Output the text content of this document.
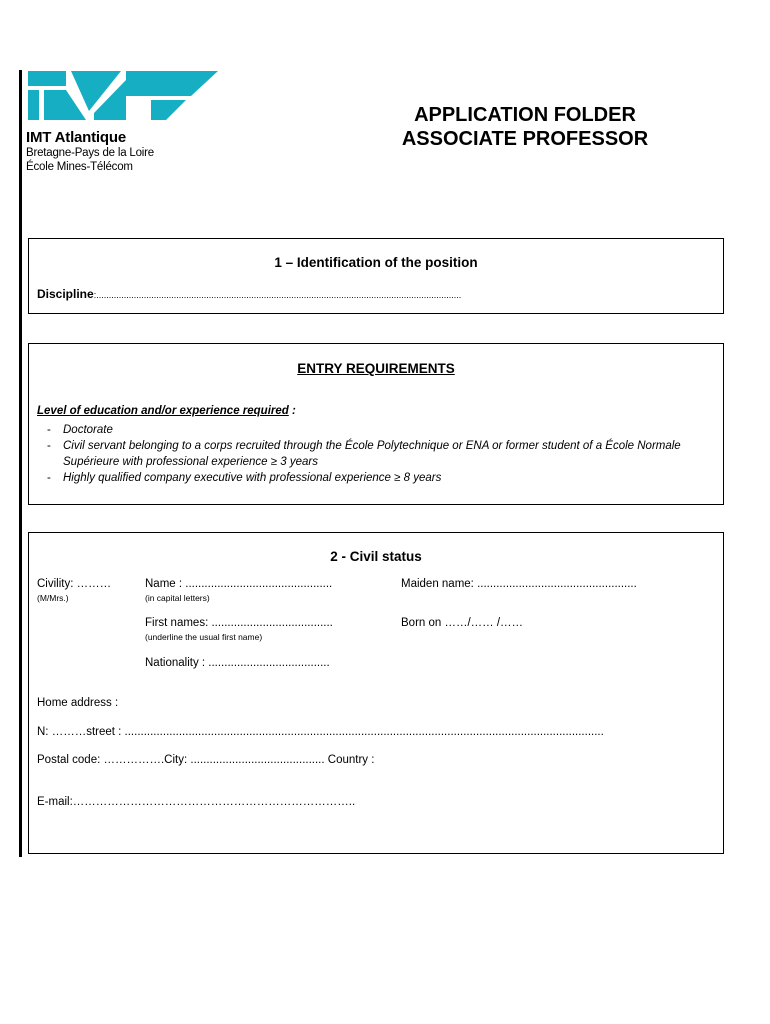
IMT Atlantique
Bretagne-Pays de la Loire
École Mines-Télécom
APPLICATION FOLDER
ASSOCIATE PROFESSOR
1 – Identification of the position
Discipline:..................................................................................................................................................
ENTRY REQUIREMENTS
Level of education and/or experience required :
- Doctorate
- Civil servant belonging to a corps recruited through the École Polytechnique or ENA or former student of a École Normale Supérieure with professional experience ≥ 3 years
- Highly qualified company executive with professional experience ≥ 8 years
2 - Civil status
Civility: ………
(M/Mrs.)
Name : ..............................................
(in capital letters)
Maiden name: ..................................................
First names: ......................................
(underline the usual first name)
Born on ……/…… /……
Nationality : ......................................
Home address :
N: ………street : ......................................................................................................................................................
Postal code: …………….City: .......................................... Country :
E-mail:………………………………………………………………..
